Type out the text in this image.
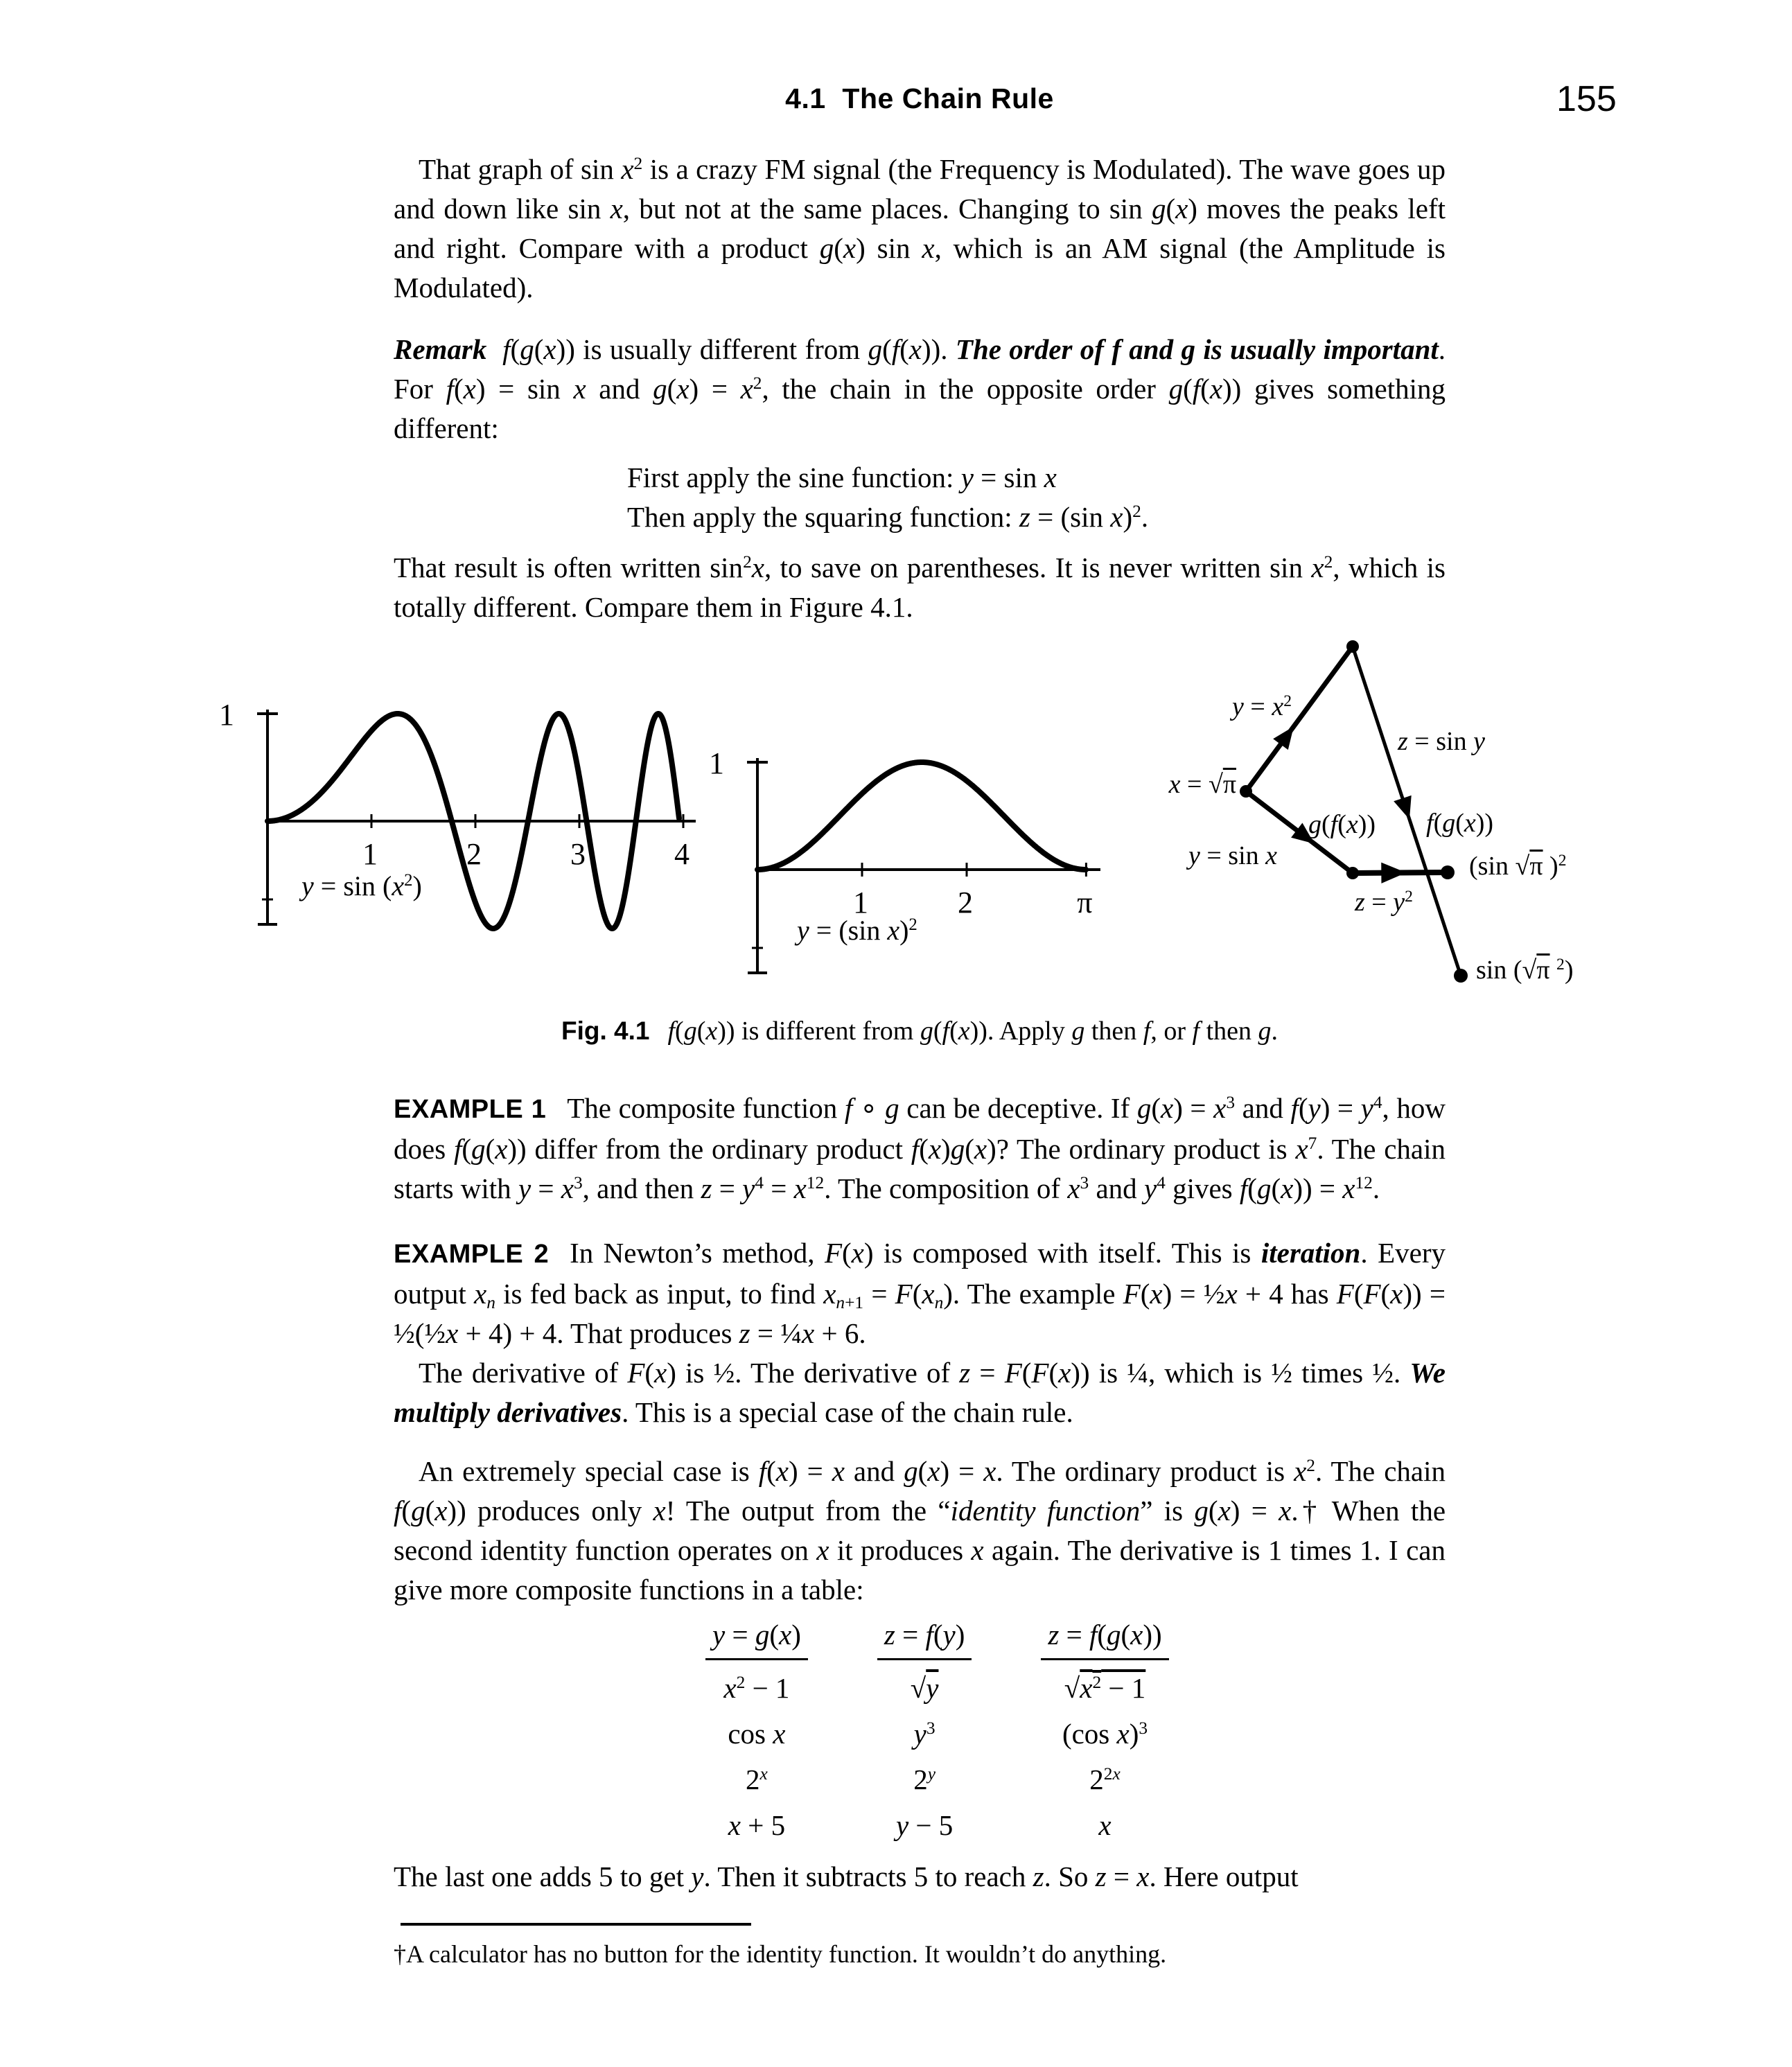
155
4.1  The Chain Rule

That graph of $\sin x^2$ is a crazy FM signal (the Frequency is Modulated). The wave goes up and down like sin x, but not at the same places. Changing to sin g(x) moves the peaks left and right. Compare with a product g(x) sin x, which is an AM signal (the Amplitude is Modulated).

Remark f(g(x)) is usually different from g(f(x)). The order of f and g is usually important. For f(x) = sin x and $g(x) = x^2$, the chain in the opposite order g(f(x)) gives something different:

First apply the sine function: y = sin x
Then apply the squaring function: z = (sin x)$^2$.

That result is often written $\sin^2x$, to save on parentheses. It is never written $\sin x^2$, which is totally different. Compare them in Figure 4.1.

1	2	3	4
1
$y = \sin (x^2)$	1	2	π
1
y = (sin x)$^2$
$y = x^2$
z = sin y
x = √π
g(f(x)) f(g(x))
y = sin x
$z = y^2$
(sin √π )$^2$
sin (√π $^2$)

Fig. 4.1 f(g(x)) is different from g(f(x)). Apply g then f, or f then g.

EXAMPLE 1 The composite function f ∘ g can be deceptive. If $g(x) = x^3$ and $f(y) = y^4$, how does f(g(x)) differ from the ordinary product f(x)g(x)? The ordinary product is $x^7$. The chain starts with $y = x^3$, and then $z = y^4 = x^{12}$. The composition of $x^3$ and $y^4$ gives $f(g(x)) = x^{12}$.

EXAMPLE 2 In Newton’s method, F(x) is composed with itself. This is iteration. Every output $x_n$ is fed back as input, to find $x_{n+1} = F(x_n)$. The example F(x) = ½x + 4 has F(F(x)) = ½(½x + 4) + 4. That produces z = ¼x + 6.

The derivative of F(x) is ½. The derivative of z = F(F(x)) is ¼, which is ½ times ½. We multiply derivatives. This is a special case of the chain rule.

An extremely special case is f(x) = x and g(x) = x. The ordinary product is $x^2$. The chain f(g(x)) produces only x! The output from the “identity function” is g(x) = x.† When the second identity function operates on x it produces x again. The derivative is 1 times 1. I can give more composite functions in a table:

y = g(x)	z = f(y)	z = f(g(x))
$x^2 - 1$	√y	$√x^2 - 1$
cos x	$y^3$	(cos x)$^3$
2$^x$	2$^y$	$2^{2x}$
x + 5	y − 5	x

The last one adds 5 to get y. Then it subtracts 5 to reach z. So z = x. Here output

†A calculator has no button for the identity function. It wouldn’t do anything.
